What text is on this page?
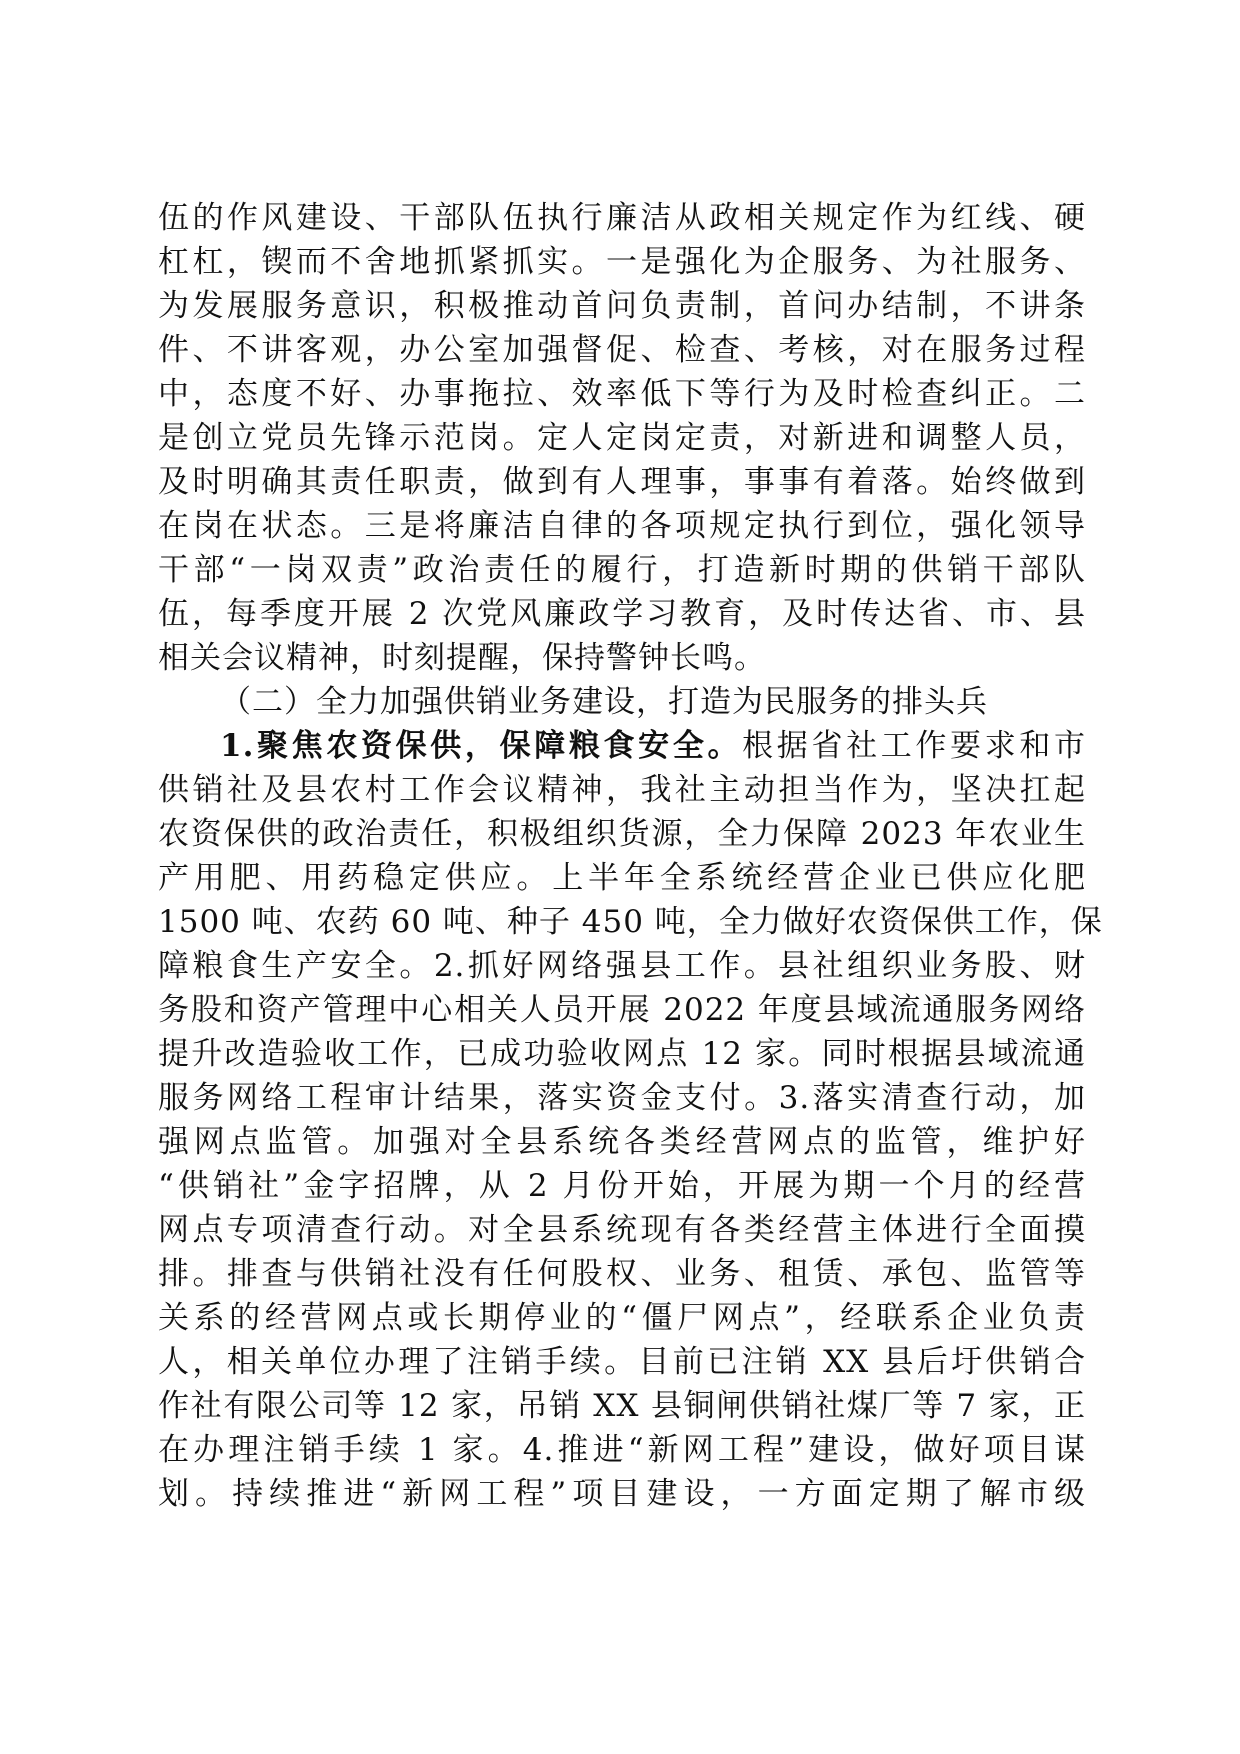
伍的作风建设、干部队伍执行廉洁从政相关规定作为红线、硬
杠杠，锲而不舍地抓紧抓实。一是强化为企服务、为社服务、
为发展服务意识，积极推动首问负责制，首问办结制，不讲条
件、不讲客观，办公室加强督促、检查、考核，对在服务过程
中，态度不好、办事拖拉、效率低下等行为及时检查纠正。二
是创立党员先锋示范岗。定人定岗定责，对新进和调整人员，
及时明确其责任职责，做到有人理事，事事有着落。始终做到
在岗在状态。三是将廉洁自律的各项规定执行到位，强化领导
干部“一岗双责”政治责任的履行，打造新时期的供销干部队
伍，每季度开展 2 次党风廉政学习教育，及时传达省、市、县
相关会议精神，时刻提醒，保持警钟长鸣。
（二）全力加强供销业务建设，打造为民服务的排头兵
1.聚焦农资保供，保障粮食安全。根据省社工作要求和市
供销社及县农村工作会议精神，我社主动担当作为，坚决扛起
农资保供的政治责任，积极组织货源，全力保障 2023 年农业生
产用肥、用药稳定供应。上半年全系统经营企业已供应化肥
1500 吨、农药 60 吨、种子 450 吨，全力做好农资保供工作，保
障粮食生产安全。2.抓好网络强县工作。县社组织业务股、财
务股和资产管理中心相关人员开展 2022 年度县域流通服务网络
提升改造验收工作，已成功验收网点 12 家。同时根据县域流通
服务网络工程审计结果，落实资金支付。3.落实清查行动，加
强网点监管。加强对全县系统各类经营网点的监管，维护好
“供销社”金字招牌，从 2 月份开始，开展为期一个月的经营
网点专项清查行动。对全县系统现有各类经营主体进行全面摸
排。排查与供销社没有任何股权、业务、租赁、承包、监管等
关系的经营网点或长期停业的“僵尸网点”，经联系企业负责
人，相关单位办理了注销手续。目前已注销 XX 县后圩供销合
作社有限公司等 12 家，吊销 XX 县铜闸供销社煤厂等 7 家，正
在办理注销手续 1 家。4.推进“新网工程”建设，做好项目谋
划。持续推进“新网工程”项目建设，一方面定期了解市级
